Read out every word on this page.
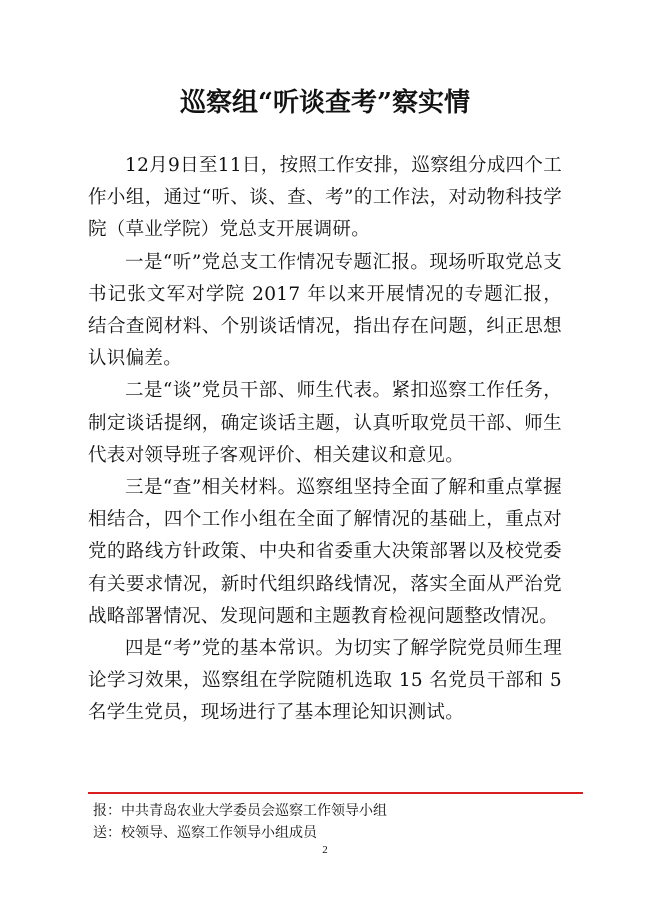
巡察组“听谈查考”察实情

12月9日至11日，按照工作安排，巡察组分成四个工作小组，通过“听、谈、查、考”的工作法，对动物科技学院（草业学院）党总支开展调研。

一是“听”党总支工作情况专题汇报。现场听取党总支书记张文军对学院 2017 年以来开展情况的专题汇报，结合查阅材料、个别谈话情况，指出存在问题，纠正思想认识偏差。

二是“谈”党员干部、师生代表。紧扣巡察工作任务，制定谈话提纲，确定谈话主题，认真听取党员干部、师生代表对领导班子客观评价、相关建议和意见。

三是“查”相关材料。巡察组坚持全面了解和重点掌握相结合，四个工作小组在全面了解情况的基础上，重点对党的路线方针政策、中央和省委重大决策部署以及校党委有关要求情况，新时代组织路线情况，落实全面从严治党战略部署情况、发现问题和主题教育检视问题整改情况。

四是“考”党的基本常识。为切实了解学院党员师生理论学习效果，巡察组在学院随机选取 15 名党员干部和 5 名学生党员，现场进行了基本理论知识测试。

报：中共青岛农业大学委员会巡察工作领导小组
送：校领导、巡察工作领导小组成员
2
